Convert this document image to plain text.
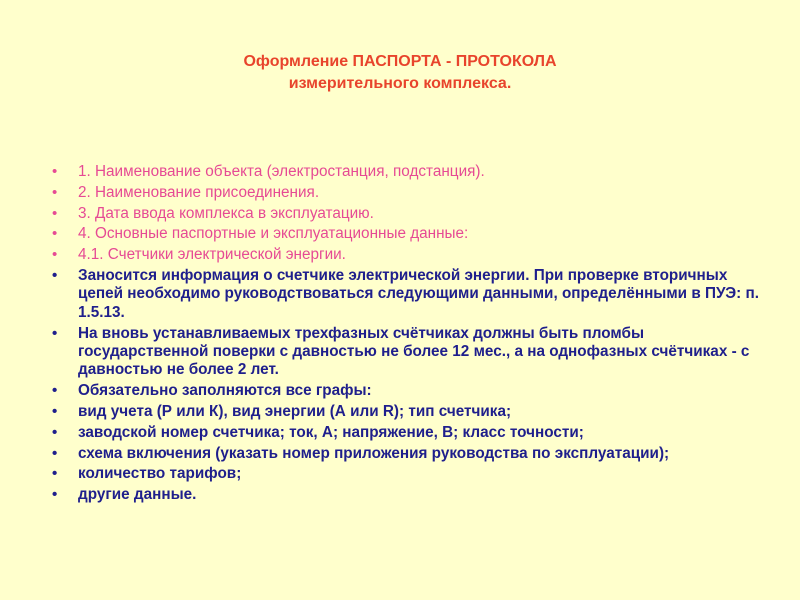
Оформление ПАСПОРТА - ПРОТОКОЛА
измерительного комплекса.
• 1. Наименование объекта (электростанция, подстанция).
• 2. Наименование присоединения.
• 3. Дата ввода комплекса в эксплуатацию.
• 4. Основные паспортные и эксплуатационные данные:
• 4.1. Счетчики электрической энергии.
• Заносится информация о счетчике электрической энергии. При проверке вторичных цепей необходимо руководствоваться следующими данными, определёнными в ПУЭ: п. 1.5.13.
• На вновь устанавливаемых трехфазных счётчиках должны быть пломбы государственной поверки с давностью не более 12 мес., а на однофазных счётчиках - с давностью не более 2 лет.
• Обязательно заполняются все графы:
• вид учета (Р или К), вид энергии (А или R); тип счетчика;
• заводской номер счетчика; ток, А; напряжение, В; класс точности;
• схема включения (указать номер приложения руководства по эксплуатации);
• количество тарифов;
• другие данные.
